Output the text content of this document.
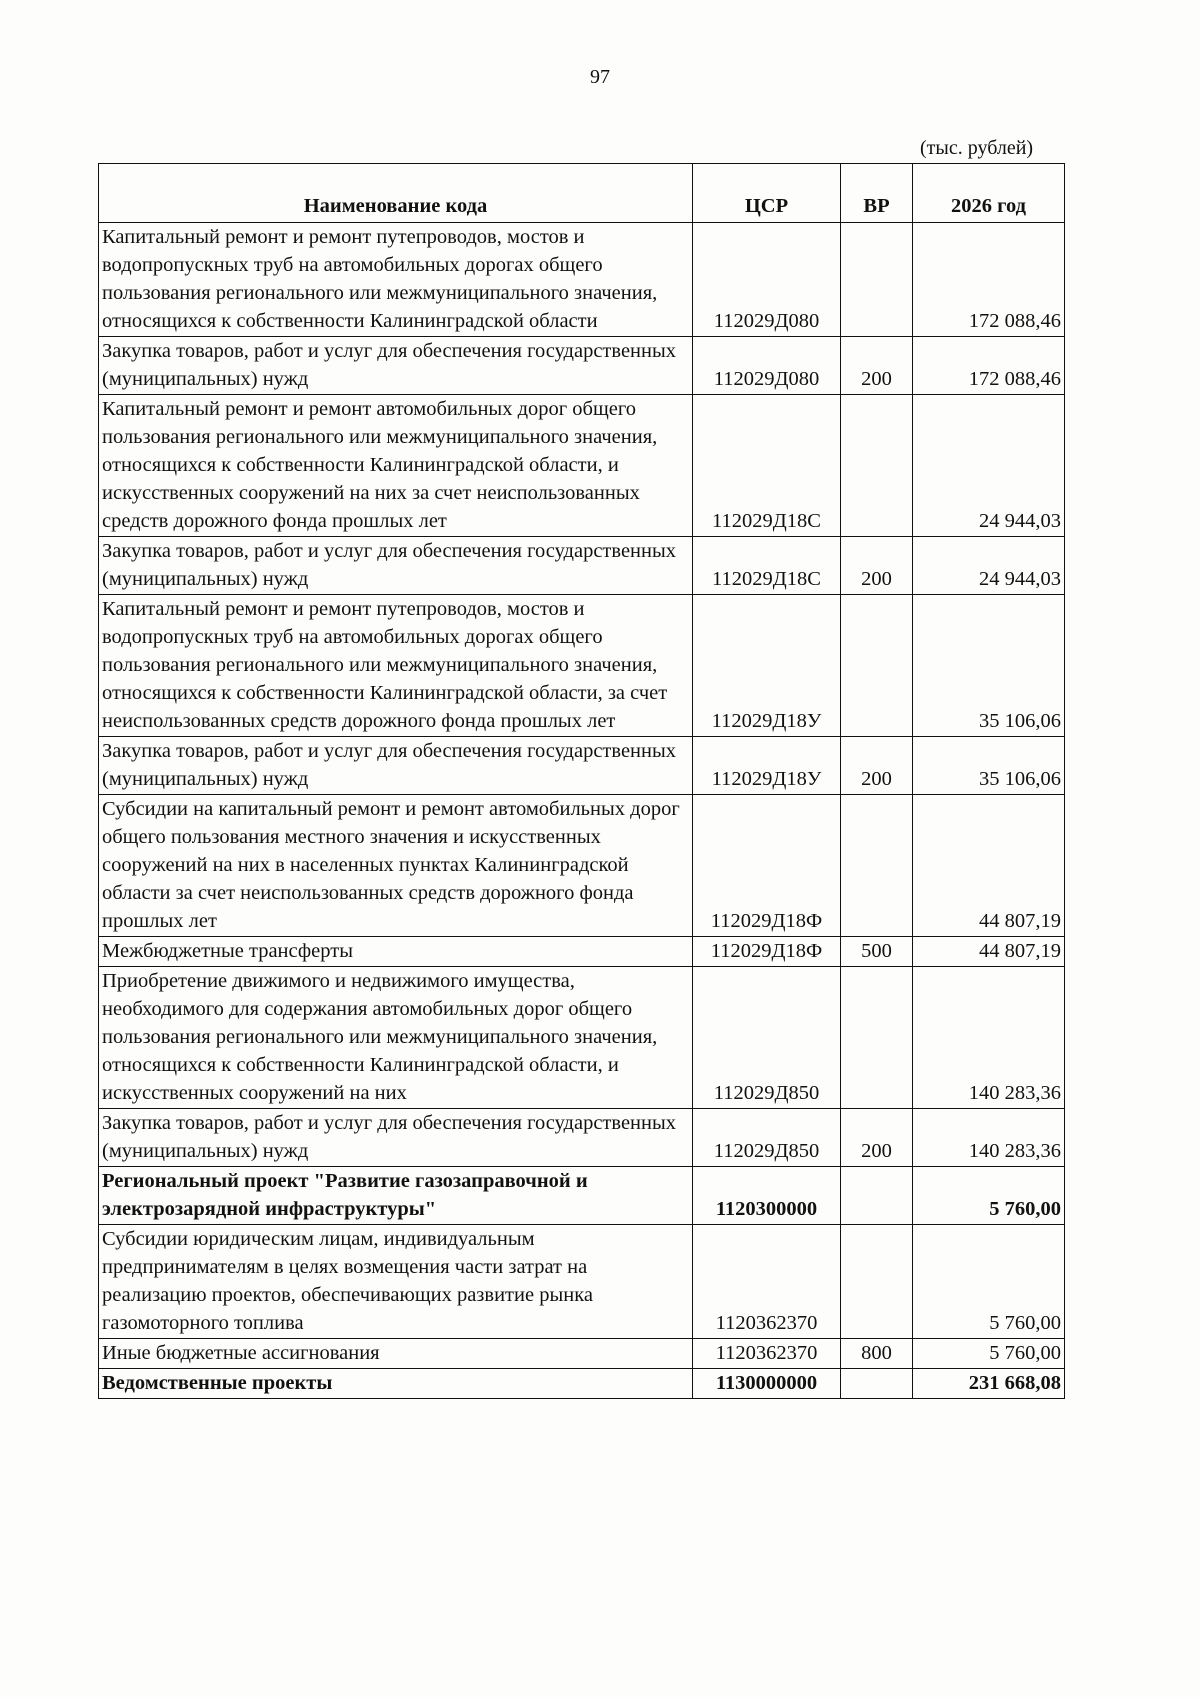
97
(тыс. рублей)
Наименование кода	ЦСР	ВР	2026 год
Капитальный ремонт и ремонт путепроводов, мостов и водопропускных труб на автомобильных дорогах общего пользования регионального или межмуниципального значения, относящихся к собственности Калининградской области	112029Д080		172 088,46
Закупка товаров, работ и услуг для обеспечения государственных (муниципальных) нужд	112029Д080	200	172 088,46
Капитальный ремонт и ремонт автомобильных дорог общего пользования регионального или межмуниципального значения, относящихся к собственности Калининградской области, и искусственных сооружений на них за счет неиспользованных средств дорожного фонда прошлых лет	112029Д18С		24 944,03
Закупка товаров, работ и услуг для обеспечения государственных (муниципальных) нужд	112029Д18С	200	24 944,03
Капитальный ремонт и ремонт путепроводов, мостов и водопропускных труб на автомобильных дорогах общего пользования регионального или межмуниципального значения, относящихся к собственности Калининградской области, за счет неиспользованных средств дорожного фонда прошлых лет	112029Д18У		35 106,06
Закупка товаров, работ и услуг для обеспечения государственных (муниципальных) нужд	112029Д18У	200	35 106,06
Субсидии на капитальный ремонт и ремонт автомобильных дорог общего пользования местного значения и искусственных сооружений на них в населенных пунктах Калининградской области за счет неиспользованных средств дорожного фонда прошлых лет	112029Д18Ф		44 807,19
Межбюджетные трансферты	112029Д18Ф	500	44 807,19
Приобретение движимого и недвижимого имущества, необходимого для содержания автомобильных дорог общего пользования регионального или межмуниципального значения, относящихся к собственности Калининградской области, и искусственных сооружений на них	112029Д850		140 283,36
Закупка товаров, работ и услуг для обеспечения государственных (муниципальных) нужд	112029Д850	200	140 283,36
Региональный проект "Развитие газозаправочной и электрозарядной инфраструктуры"	1120300000		5 760,00
Субсидии юридическим лицам, индивидуальным предпринимателям в целях возмещения части затрат на реализацию проектов, обеспечивающих развитие рынка газомоторного топлива	1120362370		5 760,00
Иные бюджетные ассигнования	1120362370	800	5 760,00
Ведомственные проекты	1130000000		231 668,08
